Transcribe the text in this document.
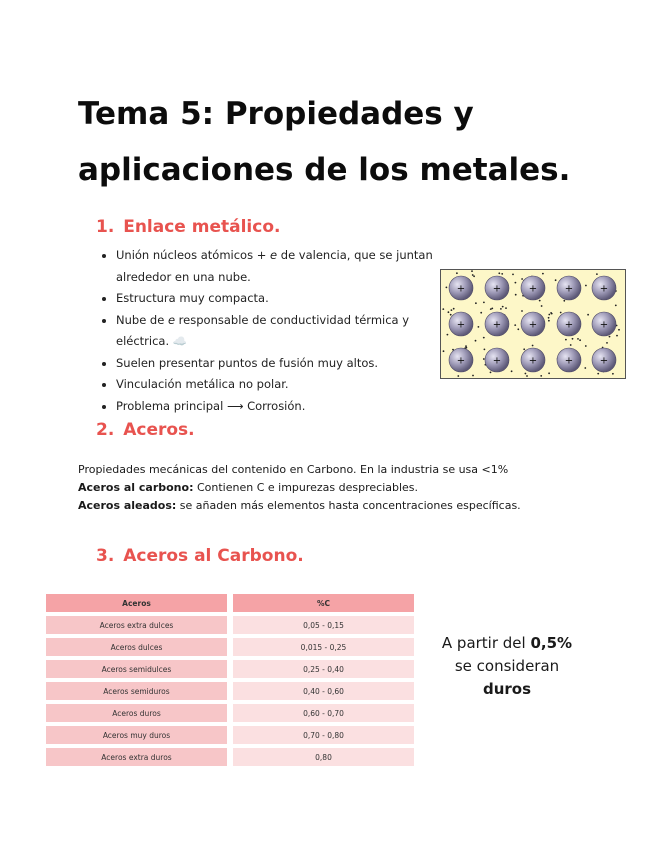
Tema 5: Propiedades y aplicaciones de los metales.
1. Enlace metálico.
• Unión núcleos atómicos + e de valencia, que se juntan alrededor en una nube.
• Estructura muy compacta.
• Nube de e responsable de conductividad térmica y eléctrica. ☁️
• Suelen presentar puntos de fusión muy altos.
• Vinculación metálica no polar.
• Problema principal ⟶ Corrosión.
+	+	+	+	+
+	+	+	+	+
+	+	+	+	+
2. Aceros.

Propiedades mecánicas del contenido en Carbono. En la industria se usa <1%

Aceros al carbono: Contienen C e impurezas despreciables.

Aceros aleados: se añaden más elementos hasta concentraciones específicas.

3. Aceros al Carbono.
Aceros	%C
Aceros extra dulces	0,05 - 0,15
Aceros dulces	0,015 - 0,25
Aceros semidulces	0,25 - 0,40
Aceros semiduros	0,40 - 0,60
Aceros duros	0,60 - 0,70
Aceros muy duros	0,70 - 0,80
Aceros extra duros	0,80
A partir del 0,5%
se consideran
duros
